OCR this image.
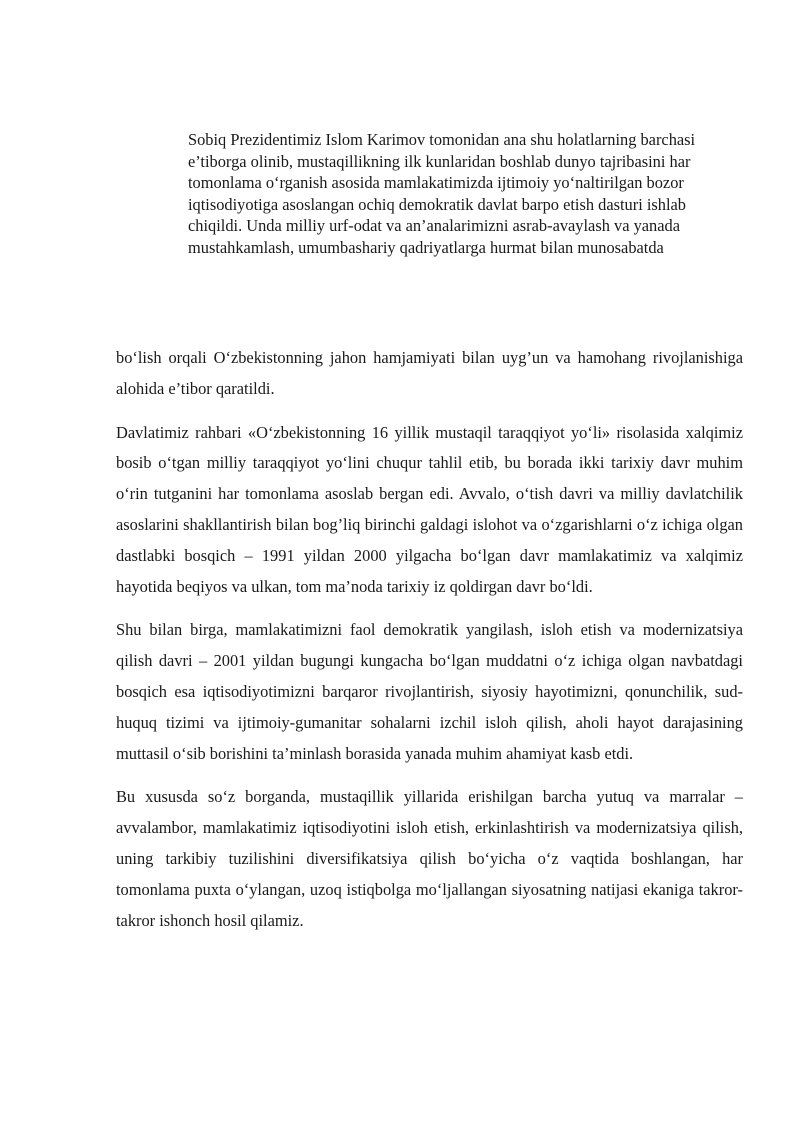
Sobiq Prezidentimiz Islom Karimov tomonidan ana shu holatlarning barchasi e’tiborga olinib, mustaqillikning ilk kunlaridan boshlab dunyo tajribasini har tomonlama o‘rganish asosida mamlakatimizda ijtimoiy yo‘naltirilgan bozor iqtisodiyotiga asoslangan ochiq demokratik davlat barpo etish dasturi ishlab chiqildi. Unda milliy urf-odat va an’analarimizni asrab-avaylash va yanada mustahkamlash, umumbashariy qadriyatlarga hurmat bilan munosabatda

bo‘lish orqali O‘zbekistonning jahon hamjamiyati bilan uyg’un va hamohang rivojlanishiga alohida e’tibor qaratildi.

Davlatimiz rahbari «O‘zbekistonning 16 yillik mustaqil taraqqiyot yo‘li» risolasida xalqimiz bosib o‘tgan milliy taraqqiyot yo‘lini chuqur tahlil etib, bu borada ikki tarixiy davr muhim o‘rin tutganini har tomonlama asoslab bergan edi. Avvalo, o‘tish davri va milliy davlatchilik asoslarini shakllantirish bilan bog’liq birinchi galdagi islohot va o‘zgarishlarni o‘z ichiga olgan dastlabki bosqich – 1991 yildan 2000 yilgacha bo‘lgan davr mamlakatimiz va xalqimiz hayotida beqiyos va ulkan, tom ma’noda tarixiy iz qoldirgan davr bo‘ldi.

Shu bilan birga, mamlakatimizni faol demokratik yangilash, isloh etish va modernizatsiya qilish davri – 2001 yildan bugungi kungacha bo‘lgan muddatni o‘z ichiga olgan navbatdagi bosqich esa iqtisodiyotimizni barqaror rivojlantirish, siyosiy hayotimizni, qonunchilik, sud-huquq tizimi va ijtimoiy-gumanitar sohalarni izchil isloh qilish, aholi hayot darajasining muttasil o‘sib borishini ta’minlash borasida yanada muhim ahamiyat kasb etdi.

Bu xususda so‘z borganda, mustaqillik yillarida erishilgan barcha yutuq va marralar – avvalambor, mamlakatimiz iqtisodiyotini isloh etish, erkinlashtirish va modernizatsiya qilish, uning tarkibiy tuzilishini diversifikatsiya qilish bo‘yicha o‘z vaqtida boshlangan, har tomonlama puxta o‘ylangan, uzoq istiqbolga mo‘ljallangan siyosatning natijasi ekaniga takror-takror ishonch hosil qilamiz.
